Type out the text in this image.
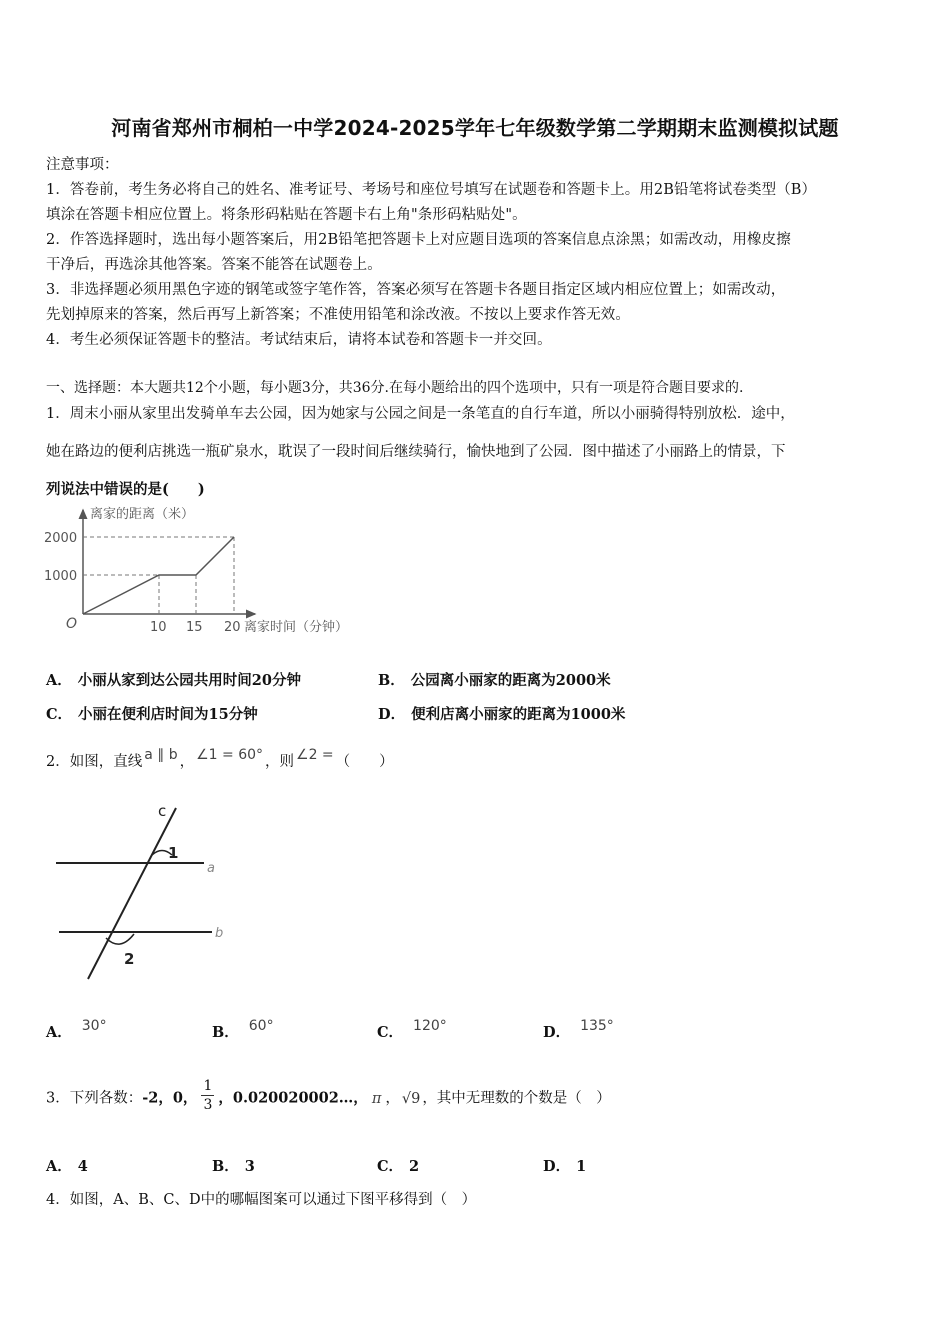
河南省郑州市桐柏一中学2024-2025学年七年级数学第二学期期末监测模拟试题
注意事项：
1．答卷前，考生务必将自己的姓名、准考证号、考场号和座位号填写在试题卷和答题卡上。用2B铅笔将试卷类型（B）
填涂在答题卡相应位置上。将条形码粘贴在答题卡右上角"条形码粘贴处"。
2．作答选择题时，选出每小题答案后，用2B铅笔把答题卡上对应题目选项的答案信息点涂黑；如需改动，用橡皮擦
干净后，再选涂其他答案。答案不能答在试题卷上。
3．非选择题必须用黑色字迹的钢笔或签字笔作答，答案必须写在答题卡各题目指定区域内相应位置上；如需改动，
先划掉原来的答案，然后再写上新答案；不准使用铅笔和涂改液。不按以上要求作答无效。
4．考生必须保证答题卡的整洁。考试结束后，请将本试卷和答题卡一并交回。
一、选择题：本大题共12个小题，每小题3分，共36分.在每小题给出的四个选项中，只有一项是符合题目要求的.
1．周末小丽从家里出发骑单车去公园，因为她家与公园之间是一条笔直的自行车道，所以小丽骑得特别放松．途中，
她在路边的便利店挑选一瓶矿泉水，耽误了一段时间后继续骑行，愉快地到了公园．图中描述了小丽路上的情景，下
列说法中错误的是(　　)
离家的距离（米）
2000
1000
O	10 15 20 离家时间（分钟）
A． 小丽从家到达公园共用时间20分钟	B． 公园离小丽家的距离为2000米
C． 小丽在便利店时间为15分钟	D． 便利店离小丽家的距离为1000米
2．如图，直线 a ∥ b ， ∠1 = 60° ，则 ∠2 = （　　）
c
1
a
b
2
A． 30°	B． 60°	C． 120°	D． 135°
3．下列各数：-2，0， $\frac{1}{3}$ ，0.020020002…， π ， √9 ，其中无理数的个数是（　）
A． 4	B． 3	C． 2	D． 1
4．如图，A、B、C、D中的哪幅图案可以通过下图平移得到（　）
